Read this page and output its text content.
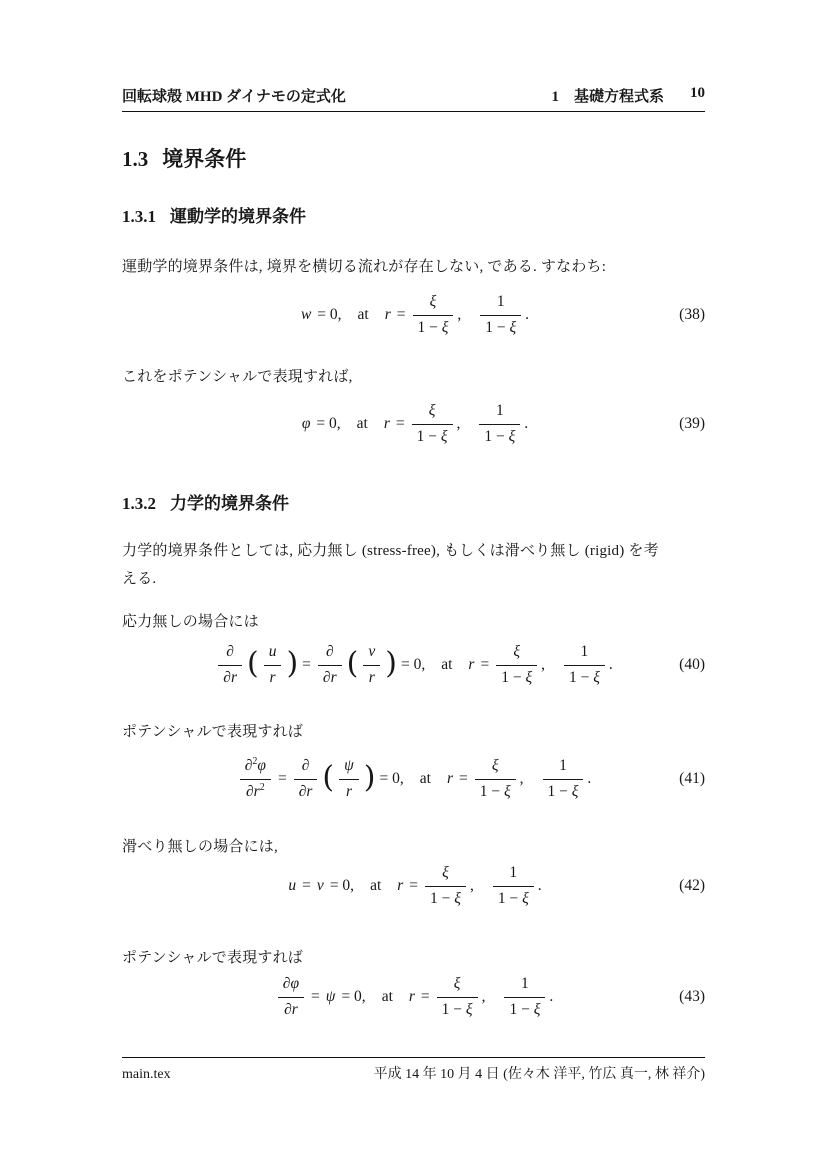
回転球殻 MHD ダイナモの定式化	1　基礎方程式系 10
1.3 境界条件
1.3.1 運動学的境界条件
運動学的境界条件は, 境界を横切る流れが存在しない, である. すなわち:
w = 0, at $r = \frac{\xi}{1 - \xi}$ , $\frac{1}{1 - \xi}$ .	(38)
これをポテンシャルで表現すれば,
φ = 0, at $r = \frac{\xi}{1 - \xi}$ , $\frac{1}{1 - \xi}$ .	(39)
1.3.2 力学的境界条件
力学的境界条件としては, 応力無し (stress-free), もしくは滑べり無し (rigid) を考
える.
応力無しの場合には
$\frac{\partial}{\partial r}$ ( $\frac{u}{r}$ ) = $\frac{\partial}{\partial r}$ ( $\frac{v}{r}$ ) = 0, at $r = \frac{\xi}{1 - \xi}$ , $\frac{1}{1 - \xi}$ .	(40)
ポテンシャルで表現すれば
$\frac{\partial^2\varphi}{\partial r^2} = \frac{\partial}{\partial r}$ ( $\frac{\psi}{r}$ ) = 0, at $r = \frac{\xi}{1 - \xi}$ , $\frac{1}{1 - \xi}$ .	(41)
滑べり無しの場合には,
u = v = 0, at $r = \frac{\xi}{1 - \xi}$ , $\frac{1}{1 - \xi}$ .	(42)
ポテンシャルで表現すれば
$\frac{\partial\varphi}{\partial r} = \psi = 0$, at $r = \frac{\xi}{1 - \xi}$ , $\frac{1}{1 - \xi}$ .	(43)
main.tex	平成 14 年 10 月 4 日 (佐々木 洋平, 竹広 真一, 林 祥介)
